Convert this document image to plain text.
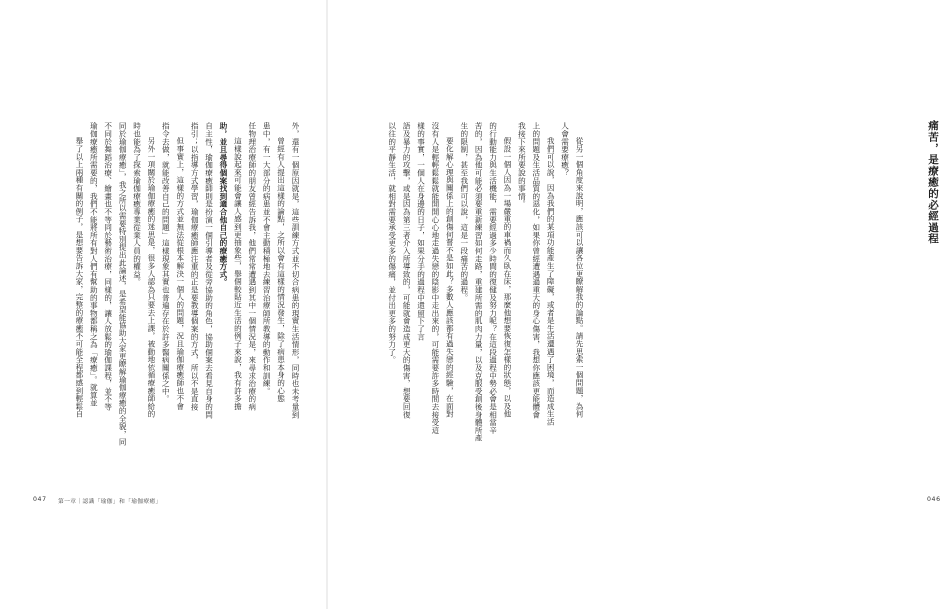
外，還有一個原因就是，這些訓練方式並不切合病患的現實生活情形，同時也未考量到

曾經有人提出這樣的論點，之所以會有這樣的情況發生，除了病患本身的心態

患中，有一大部分的病患並不會主動積極地去練習治療師所教導的動作和訓練。

任物理治療師的朋友曾經告訴我，他們常常遭遇到其中一個情況是，來尋求治療的病

這樣說起來可能會讓人感到更抽象些，舉個較貼近生活的例子來說，我有許多擔

助，並且尋得個案找到適合他自己的療癒方式。

自主性，瑜伽療癒師則是扮演一個引導者及從旁協助的角色，協助個案去看見自身的問

指引；以指導方式學習，瑜伽療癒師應注重的正是要教導個案的方式，所以不是直接

但事實上，這樣的方式並無法從根本解決一個人的問題，況且瑜伽療癒師也不會

指令去做，就能改善自己的問題」這樣現象其實也普遍存在於許多醫病關係之中。

另外一項關於瑜伽療癒的迷思是，很多人認為只要去上課，被動地依循療癒師給的

時也能為了探索瑜伽療癒專業從業人員的權益。

同於瑜伽療癒」，我之所以需要特別提出此論述，是希望能協助大家更瞭解瑜伽療癒的全貌，同

不同於舞蹈治療、繪畫也不等同於藝術治療，同樣的，讓人放鬆的瑜伽課程，並不等

瑜伽療癒所需要的，我們不能將所有對人們有幫助的事物都稱之為「療癒」。就算並

舉了以上兩種有關的例子，是想要告訴大家，完整的療癒不可能全程都感到輕鬆自

047 第一章｜認識「瑜伽」和「瑜伽療癒」
痛苦，是療癒的必經過程
046

從另一個角度來說明，應該可以讓各位更瞭解我的論點。請先思索一個問題，為何

人會需要療癒？

我們可以說，因為我們的某項功能產生了障礙，或者是生活遭遇了困境，而造成生活

上的問題及生活品質的惡化，如果你曾經遭遇過重大的身心傷害，我想你應該更能體會

我接下來所要說的事情。

假設一個人因為一場嚴重的車禍而久臥在床，那麼他想要恢復怎樣的狀態，以及他

的行動能力與生活機能，需要經過多少時間的復健及努力呢？在這段過程中勢必會是相當辛

苦的，因為他可能必須要重新練習如何走路，重建所需的肌肉力量，以及克服受創後身體所產

生的限制，甚至我們可以說，這是一段痛苦的過程。

要化解心理與關係上的創傷何嘗不是如此？多數人應該都有過失戀的經驗，在面對

沒有人是輕輕鬆鬆就能開開心心地走過失戀的陰影中走出來的，可能需要許多時間去接受這

樣的事實，一個人在身邊的日子，如果分手的過程中還留下了言

語及暴力的攻擊，或是因為第三者介入所導致的，可能就會造成更大的傷害，想要回復

以往的平靜生活，就相對需要承受更多的傷痛，並付出更多的努力了。
